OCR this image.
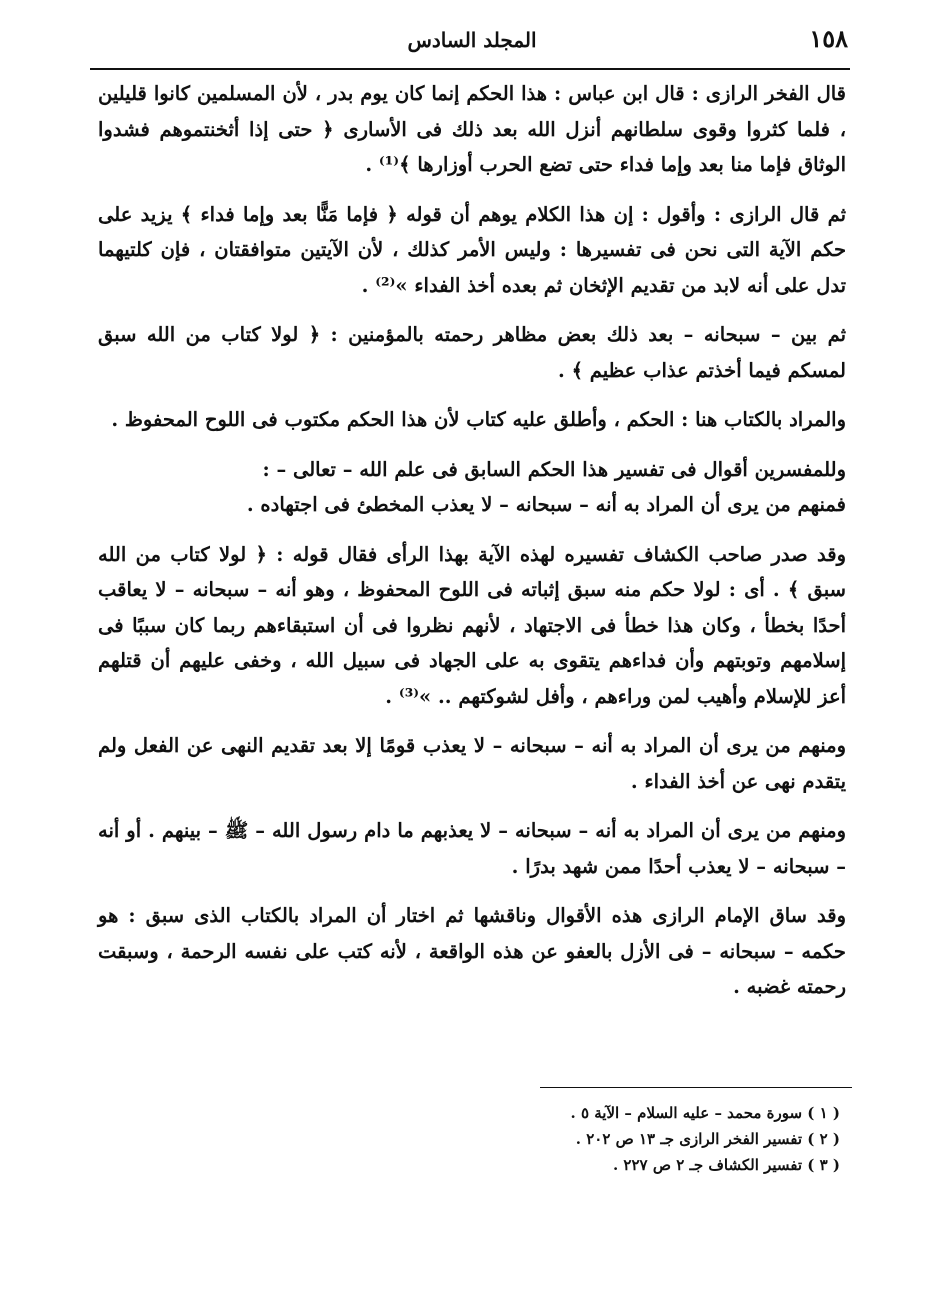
١٥٨
المجلد السادس

قال الفخر الرازى : قال ابن عباس : هذا الحكم إنما كان يوم بدر ، لأن المسلمين كانوا قليلين ، فلما كثروا وقوى سلطانهم أنزل الله بعد ذلك فى الأسارى ﴿ حتى إذا أثخنتموهم فشدوا الوثاق فإما منا بعد وإما فداء حتى تضع الحرب أوزارها ﴾⁽¹⁾ .

ثم قال الرازى : وأقول : إن هذا الكلام يوهم أن قوله ﴿ فإما مَنًّا بعد وإما فداء ﴾ يزيد على حكم الآية التى نحن فى تفسيرها : وليس الأمر كذلك ، لأن الآيتين متوافقتان ، فإن كلتيهما تدل على أنه لابد من تقديم الإثخان ثم بعده أخذ الفداء »⁽²⁾ .

ثم بين – سبحانه – بعد ذلك بعض مظاهر رحمته بالمؤمنين : ﴿ لولا كتاب من الله سبق لمسكم فيما أخذتم عذاب عظيم ﴾ .

والمراد بالكتاب هنا : الحكم ، وأطلق عليه كتاب لأن هذا الحكم مكتوب فى اللوح المحفوظ .

وللمفسرين أقوال فى تفسير هذا الحكم السابق فى علم الله – تعالى – :

فمنهم من يرى أن المراد به أنه – سبحانه – لا يعذب المخطئ فى اجتهاده .

وقد صدر صاحب الكشاف تفسيره لهذه الآية بهذا الرأى فقال قوله : ﴿ لولا كتاب من الله سبق ﴾ . أى : لولا حكم منه سبق إثباته فى اللوح المحفوظ ، وهو أنه – سبحانه – لا يعاقب أحدًا بخطأ ، وكان هذا خطأ فى الاجتهاد ، لأنهم نظروا فى أن استبقاءهم ربما كان سببًا فى إسلامهم وتوبتهم وأن فداءهم يتقوى به على الجهاد فى سبيل الله ، وخفى عليهم أن قتلهم أعز للإسلام وأهيب لمن وراءهم ، وأفل لشوكتهم .. »⁽³⁾ .

ومنهم من يرى أن المراد به أنه – سبحانه – لا يعذب قومًا إلا بعد تقديم النهى عن الفعل ولم يتقدم نهى عن أخذ الفداء .

ومنهم من يرى أن المراد به أنه – سبحانه – لا يعذبهم ما دام رسول الله – ﷺ – بينهم . أو أنه – سبحانه – لا يعذب أحدًا ممن شهد بدرًا .

وقد ساق الإمام الرازى هذه الأقوال وناقشها ثم اختار أن المراد بالكتاب الذى سبق : هو حكمه – سبحانه – فى الأزل بالعفو عن هذه الواقعة ، لأنه كتب على نفسه الرحمة ، وسبقت رحمته غضبه .

( ١ ) سورة محمد – عليه السلام – الآية ٥ .
( ٢ ) تفسير الفخر الرازى جـ ١٣ ص ٢٠٢ .
( ٣ ) تفسير الكشاف جـ ٢ ص ٢٢٧ .
